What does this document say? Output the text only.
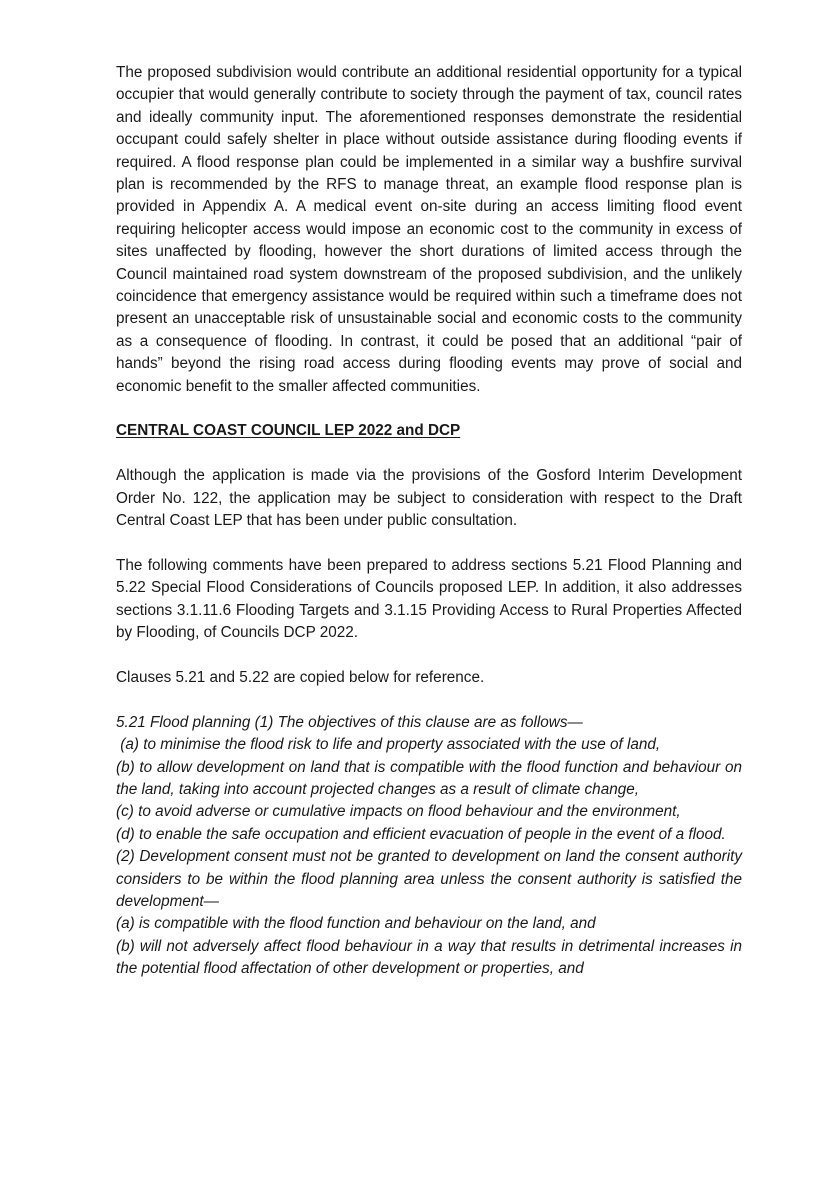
The proposed subdivision would contribute an additional residential opportunity for a typical occupier that would generally contribute to society through the payment of tax, council rates and ideally community input. The aforementioned responses demonstrate the residential occupant could safely shelter in place without outside assistance during flooding events if required. A flood response plan could be implemented in a similar way a bushfire survival plan is recommended by the RFS to manage threat, an example flood response plan is provided in Appendix A. A medical event on-site during an access limiting flood event requiring helicopter access would impose an economic cost to the community in excess of sites unaffected by flooding, however the short durations of limited access through the Council maintained road system downstream of the proposed subdivision, and the unlikely coincidence that emergency assistance would be required within such a timeframe does not present an unacceptable risk of unsustainable social and economic costs to the community as a consequence of flooding. In contrast, it could be posed that an additional “pair of hands” beyond the rising road access during flooding events may prove of social and economic benefit to the smaller affected communities.

CENTRAL COAST COUNCIL LEP 2022 and DCP

Although the application is made via the provisions of the Gosford Interim Development Order No. 122, the application may be subject to consideration with respect to the Draft Central Coast LEP that has been under public consultation.

The following comments have been prepared to address sections 5.21 Flood Planning and 5.22 Special Flood Considerations of Councils proposed LEP. In addition, it also addresses sections 3.1.11.6 Flooding Targets and 3.1.15 Providing Access to Rural Properties Affected by Flooding, of Councils DCP 2022.

Clauses 5.21 and 5.22 are copied below for reference.

5.21 Flood planning (1) The objectives of this clause are as follows—

(a) to minimise the flood risk to life and property associated with the use of land,

(b) to allow development on land that is compatible with the flood function and behaviour on the land, taking into account projected changes as a result of climate change,

(c) to avoid adverse or cumulative impacts on flood behaviour and the environment,

(d) to enable the safe occupation and efficient evacuation of people in the event of a flood.

(2) Development consent must not be granted to development on land the consent authority considers to be within the flood planning area unless the consent authority is satisfied the development—

(a) is compatible with the flood function and behaviour on the land, and

(b) will not adversely affect flood behaviour in a way that results in detrimental increases in the potential flood affectation of other development or properties, and
